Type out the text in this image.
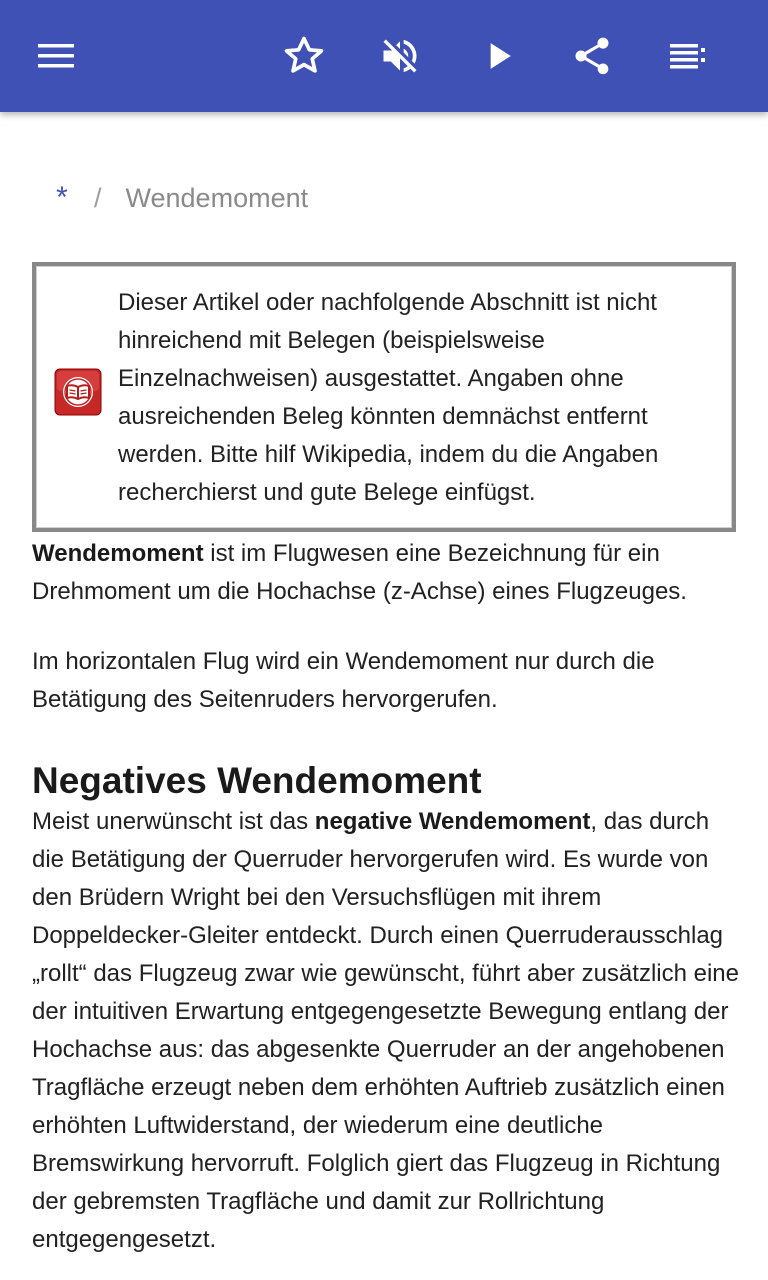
* / Wendemoment
Dieser Artikel oder nachfolgende Abschnitt ist nicht hinreichend mit Belegen (beispielsweise Einzelnachweisen) ausgestattet. Angaben ohne ausreichenden Beleg könnten demnächst entfernt werden. Bitte hilf Wikipedia, indem du die Angaben recherchierst und gute Belege einfügst.

Wendemoment ist im Flugwesen eine Bezeichnung für ein Drehmoment um die Hochachse (z-Achse) eines Flugzeuges.

Im horizontalen Flug wird ein Wendemoment nur durch die Betätigung des Seitenruders hervorgerufen.

Negatives Wendemoment

Meist unerwünscht ist das negative Wendemoment, das durch die Betätigung der Querruder hervorgerufen wird. Es wurde von den Brüdern Wright bei den Versuchsflügen mit ihrem Doppeldecker-Gleiter entdeckt. Durch einen Querruderausschlag „rollt“ das Flugzeug zwar wie gewünscht, führt aber zusätzlich eine der intuitiven Erwartung entgegengesetzte Bewegung entlang der Hochachse aus: das abgesenkte Querruder an der angehobenen Tragfläche erzeugt neben dem erhöhten Auftrieb zusätzlich einen erhöhten Luftwiderstand, der wiederum eine deutliche Bremswirkung hervorruft. Folglich giert das Flugzeug in Richtung der gebremsten Tragfläche und damit zur Rollrichtung entgegengesetzt.
